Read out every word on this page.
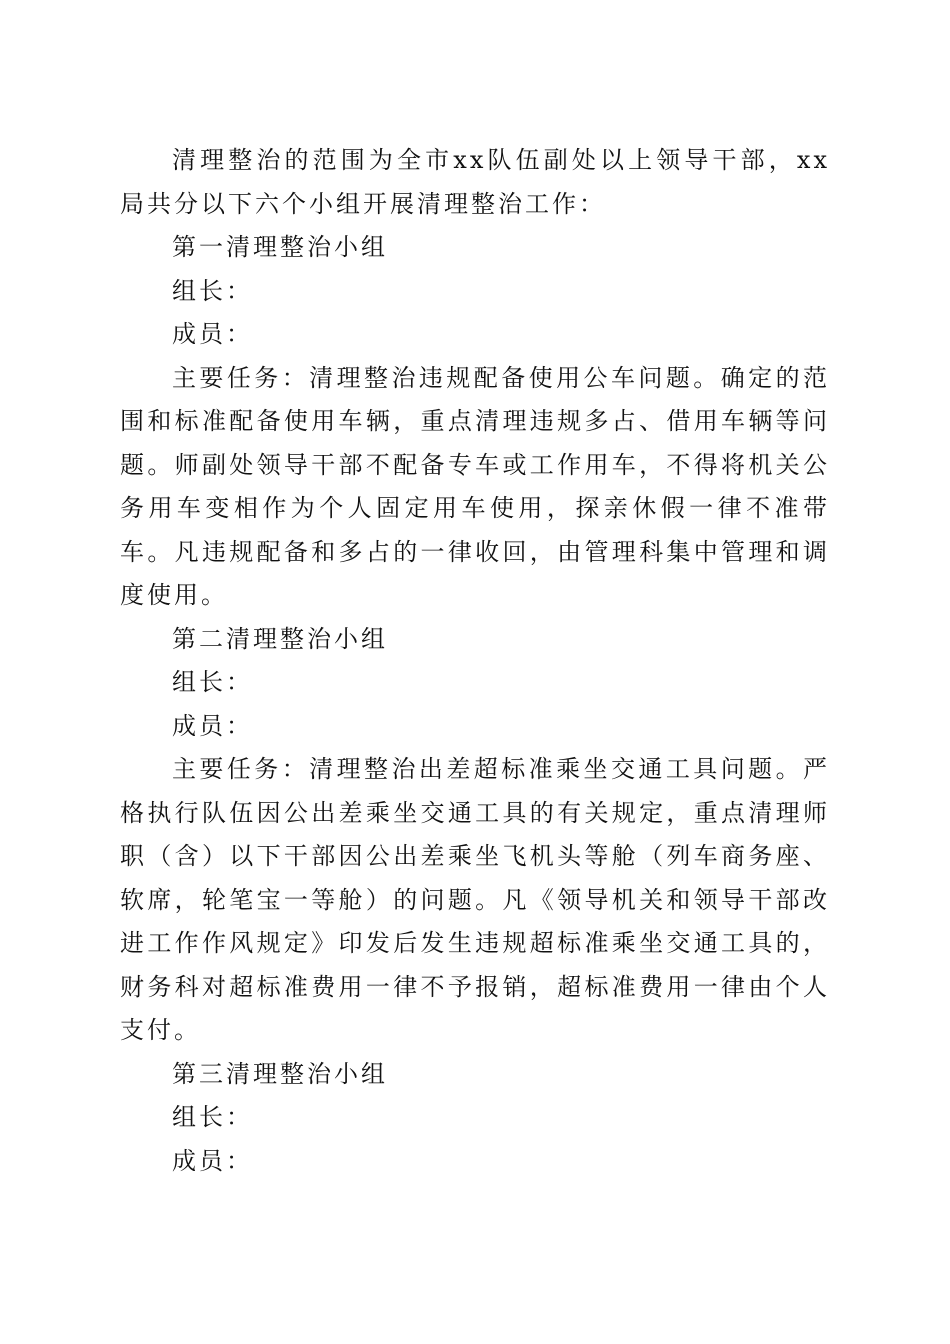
清理整治的范围为全市xx队伍副处以上领导干部，xx局共分以下六个小组开展清理整治工作：

第一清理整治小组

组长：

成员：

主要任务：清理整治违规配备使用公车问题。确定的范围和标准配备使用车辆，重点清理违规多占、借用车辆等问题。师副处领导干部不配备专车或工作用车，不得将机关公务用车变相作为个人固定用车使用，探亲休假一律不准带车。凡违规配备和多占的一律收回，由管理科集中管理和调度使用。

第二清理整治小组

组长：

成员：

主要任务：清理整治出差超标准乘坐交通工具问题。严格执行队伍因公出差乘坐交通工具的有关规定，重点清理师职（含）以下干部因公出差乘坐飞机头等舱（列车商务座、软席，轮笔宝一等舱）的问题。凡《领导机关和领导干部改进工作作风规定》印发后发生违规超标准乘坐交通工具的，财务科对超标准费用一律不予报销，超标准费用一律由个人支付。

第三清理整治小组

组长：

成员：
